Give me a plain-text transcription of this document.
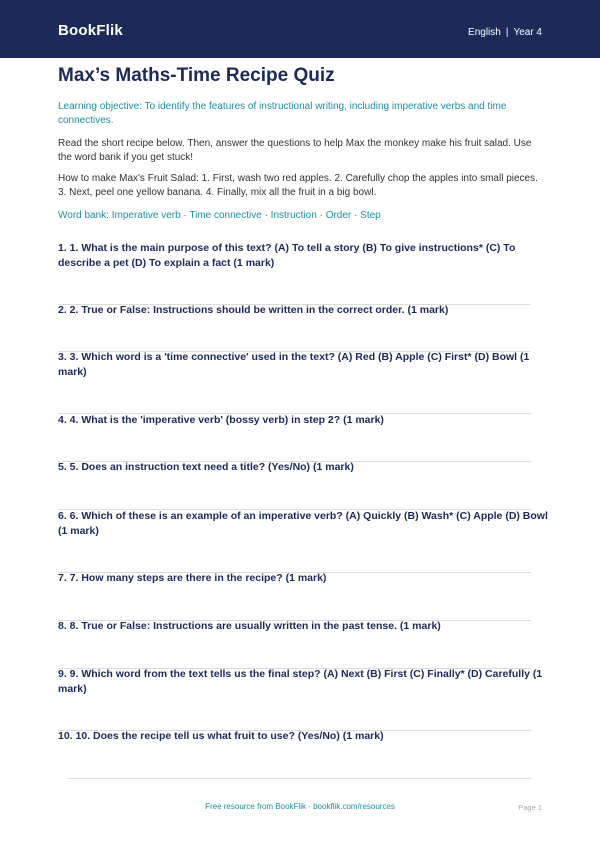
BookFlik	English | Year 4
Max’s Maths-Time Recipe Quiz

Learning objective: To identify the features of instructional writing, including imperative verbs and time connectives.

Read the short recipe below. Then, answer the questions to help Max the monkey make his fruit salad. Use the word bank if you get stuck!

How to make Max's Fruit Salad: 1. First, wash two red apples. 2. Carefully chop the apples into small pieces. 3. Next, peel one yellow banana. 4. Finally, mix all the fruit in a big bowl.

Word bank: Imperative verb · Time connective · Instruction · Order · Step

1. 1. What is the main purpose of this text? (A) To tell a story (B) To give instructions* (C) To describe a pet (D) To explain a fact (1 mark)

2. 2. True or False: Instructions should be written in the correct order. (1 mark)

3. 3. Which word is a 'time connective' used in the text? (A) Red (B) Apple (C) First* (D) Bowl (1 mark)

4. 4. What is the 'imperative verb' (bossy verb) in step 2? (1 mark)

5. 5. Does an instruction text need a title? (Yes/No) (1 mark)

6. 6. Which of these is an example of an imperative verb? (A) Quickly (B) Wash* (C) Apple (D) Bowl (1 mark)

7. 7. How many steps are there in the recipe? (1 mark)

8. 8. True or False: Instructions are usually written in the past tense. (1 mark)

9. 9. Which word from the text tells us the final step? (A) Next (B) First (C) Finally* (D) Carefully (1 mark)

10. 10. Does the recipe tell us what fruit to use? (Yes/No) (1 mark)

Free resource from BookFlik · bookflik.com/resources	Page 1
